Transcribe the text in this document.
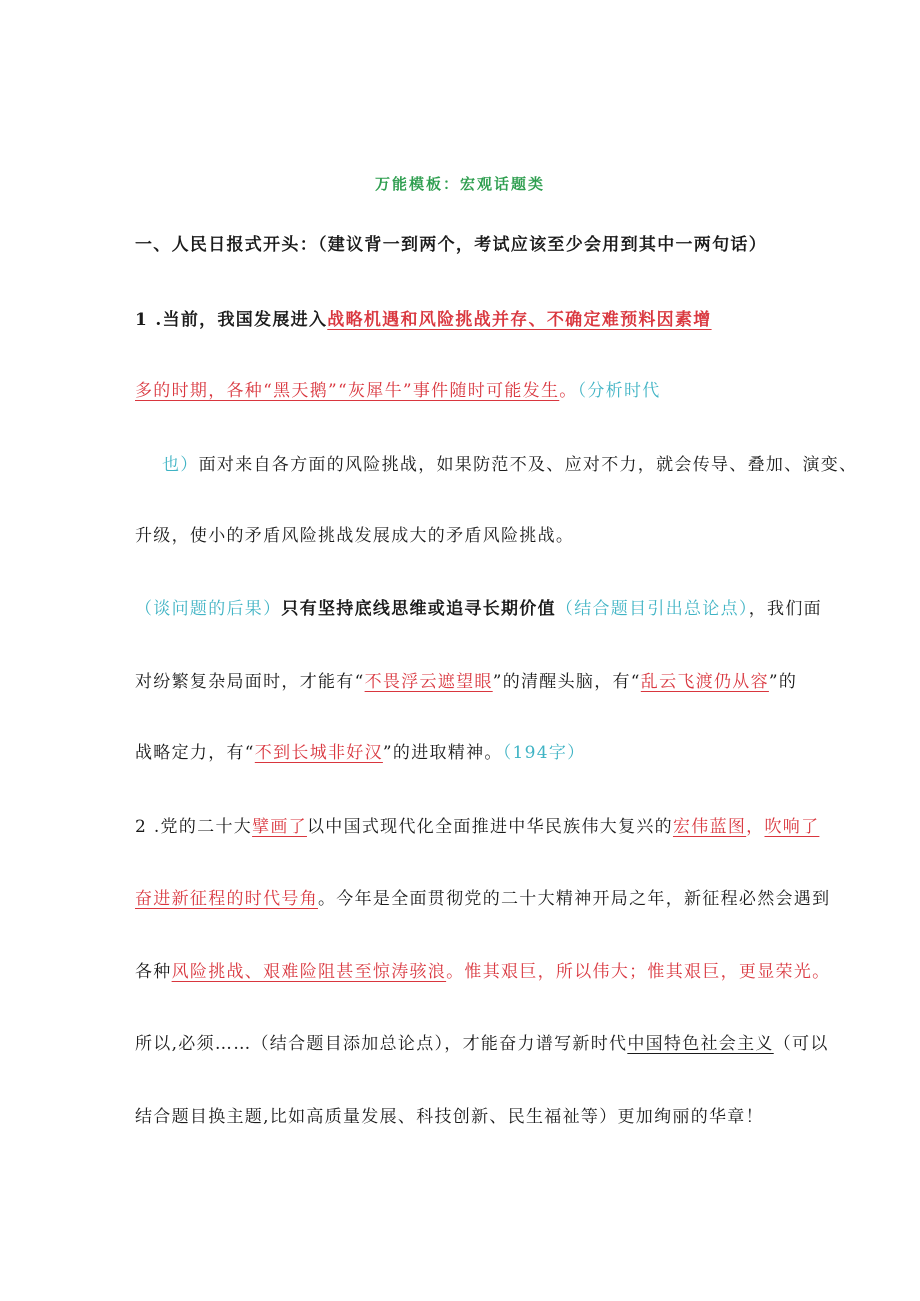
万能模板：宏观话题类
一、人民日报式开头：（建议背一到两个，考试应该至少会用到其中一两句话）
1 .当前，我国发展进入战略机遇和风险挑战并存、不确定难预料因素增
多的时期，各种“黑天鹅”“灰犀牛”事件随时可能发生。（分析时代
也）面对来自各方面的风险挑战，如果防范不及、应对不力，就会传导、叠加、演变、
升级，使小的矛盾风险挑战发展成大的矛盾风险挑战。
（谈问题的后果）只有坚持底线思维或追寻长期价值（结合题目引出总论点），我们面
对纷繁复杂局面时，才能有“不畏浮云遮望眼”的清醒头脑，有“乱云飞渡仍从容”的
战略定力，有“不到长城非好汉”的进取精神。（194字）
2 .党的二十大擘画了以中国式现代化全面推进中华民族伟大复兴的宏伟蓝图，吹响了
奋进新征程的时代号角。今年是全面贯彻党的二十大精神开局之年，新征程必然会遇到
各种风险挑战、艰难险阻甚至惊涛骇浪。惟其艰巨，所以伟大；惟其艰巨，更显荣光。
所以,必须……（结合题目添加总论点），才能奋力谱写新时代中国特色社会主义（可以
结合题目换主题,比如高质量发展、科技创新、民生福祉等）更加绚丽的华章！
